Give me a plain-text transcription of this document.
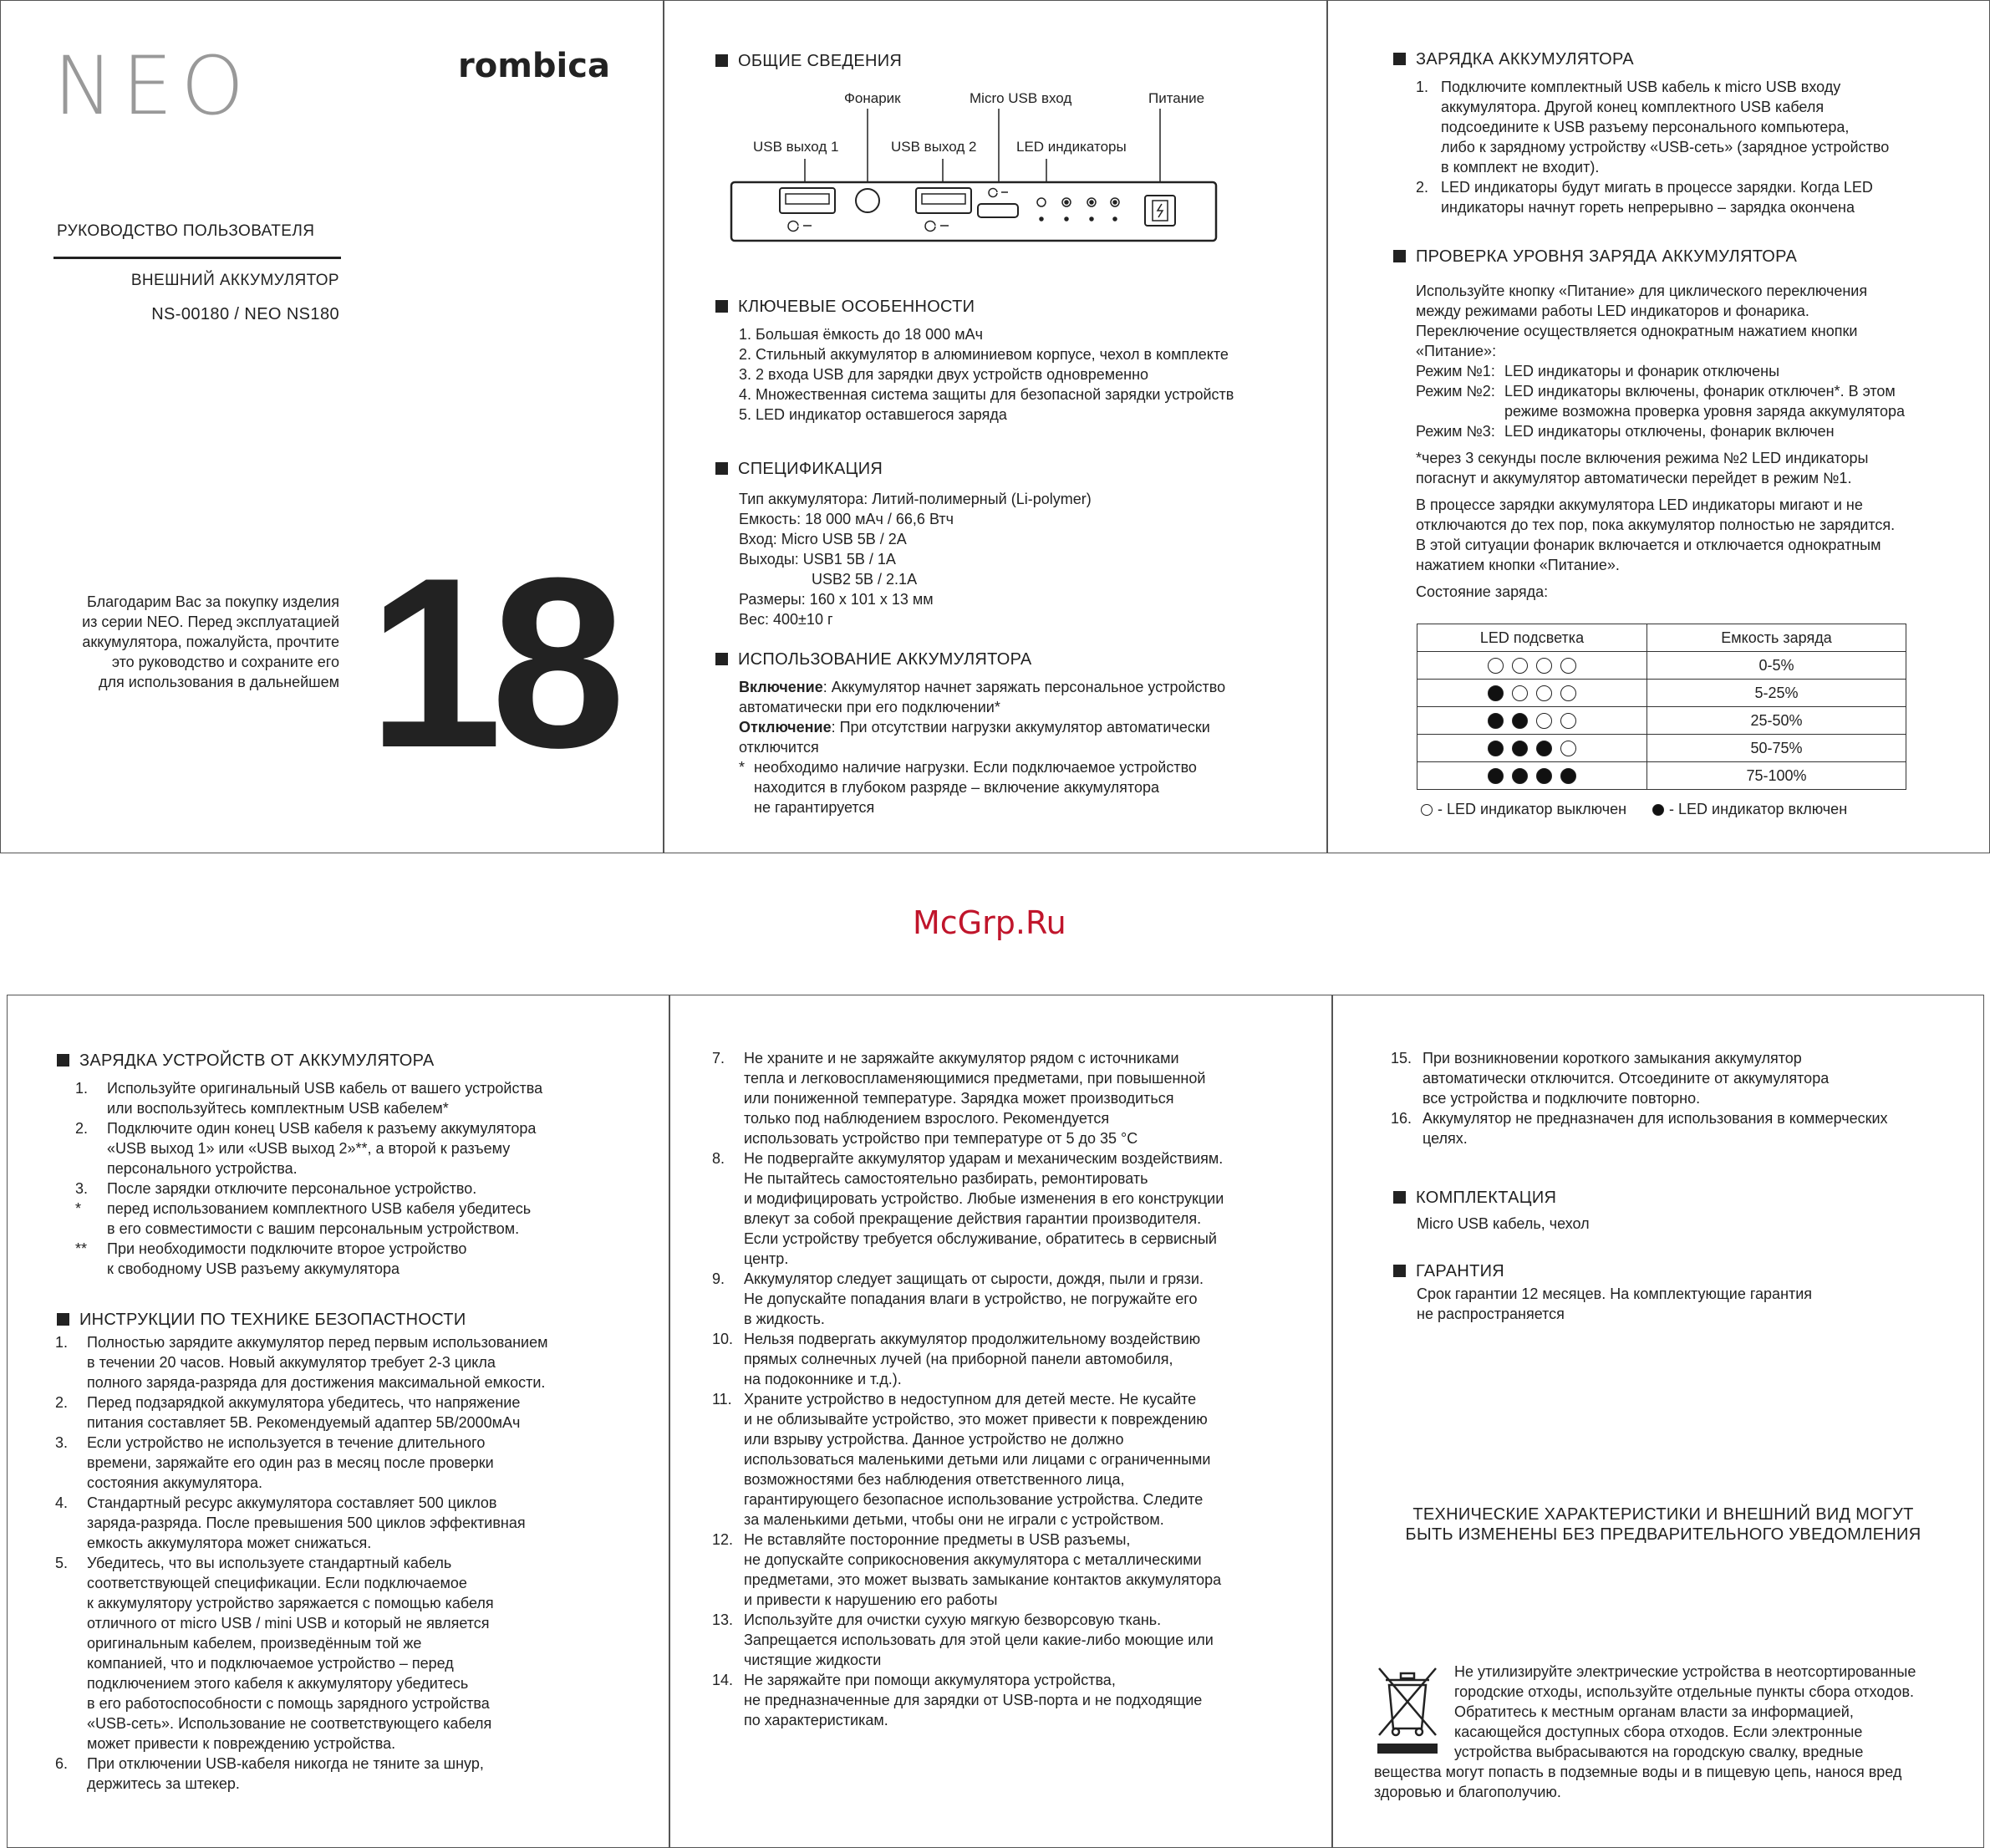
NEO	rombica
РУКОВОДСТВО ПОЛЬЗОВАТЕЛЯ
ВНЕШНИЙ АККУМУЛЯТОР
NS-00180 / NEO NS180
Благодарим Вас за покупку изделия
из серии NEO. Перед эксплуатацией
аккумулятора, пожалуйста, прочтите
это руководство и сохраните его
для использования в дальнейшем 18
ОБЩИЕ СВЕДЕНИЯ
Фонарик	Micro USB вход	Питание
USB выход 1	USB выход 2	LED индикаторы
КЛЮЧЕВЫЕ ОСОБЕННОСТИ
1. Большая ёмкость до 18 000 мАч
2. Стильный аккумулятор в алюминиевом корпусе, чехол в комплекте
3. 2 входа USB для зарядки двух устройств одновременно
4. Множественная система защиты для безопасной зарядки устройств
5. LED индикатор оставшегося заряда
СПЕЦИФИКАЦИЯ
Тип аккумулятора: Литий-полимерный (Li-polymer)
Емкость: 18 000 мАч / 66,6 Втч
Вход: Micro USB 5В / 2А
Выходы: USB1 5В / 1А
USB2 5В / 2.1А
Размеры: 160 х 101 х 13 мм
Вес: 400±10 г
ИСПОЛЬЗОВАНИЕ АККУМУЛЯТОРА
Включение: Аккумулятор начнет заряжать персональное устройство
автоматически при его подключении*
Отключение: При отсутствии нагрузки аккумулятор автоматически
отключится
* необходимо наличие нагрузки. Если подключаемое устройство
находится в глубоком разряде – включение аккумулятора
не гарантируется
ЗАРЯДКА АККУМУЛЯТОРА
1. Подключите комплектный USB кабель к micro USB входу
аккумулятора. Другой конец комплектного USB кабеля
подсоедините к USB разъему персонального компьютера,
либо к зарядному устройству «USB-сеть» (зарядное устройство
в комплект не входит).
2. LED индикаторы будут мигать в процессе зарядки. Когда LED
индикаторы начнут гореть непрерывно – зарядка окончена
ПРОВЕРКА УРОВНЯ ЗАРЯДА АККУМУЛЯТОРА
Используйте кнопку «Питание» для циклического переключения
между режимами работы LED индикаторов и фонарика.
Переключение осуществляется однократным нажатием кнопки
«Питание»:
Режим №1: LED индикаторы и фонарик отключены
Режим №2: LED индикаторы включены, фонарик отключен*. В этом
режиме возможна проверка уровня заряда аккумулятора
Режим №3: LED индикаторы отключены, фонарик включен
*через 3 секунды после включения режима №2 LED индикаторы
погаснут и аккумулятор автоматически перейдет в режим №1.
В процессе зарядки аккумулятора LED индикаторы мигают и не
отключаются до тех пор, пока аккумулятор полностью не зарядится.
В этой ситуации фонарик включается и отключается однократным
нажатием кнопки «Питание».
Состояние заряда:
LED подсветка	Емкость заряда
	0-5%
	5-25%
	25-50%
	50-75%
	75-100%
- LED индикатор выключен	- LED индикатор включен
McGrp.Ru
ЗАРЯДКА УСТРОЙСТВ ОТ АККУМУЛЯТОРА
1. Используйте оригинальный USB кабель от вашего устройства
или воспользуйтесь комплектным USB кабелем*
2. Подключите один конец USB кабеля к разъему аккумулятора
«USB выход 1» или «USB выход 2»**, а второй к разъему
персонального устройства.
3. После зарядки отключите персональное устройство.
* перед использованием комплектного USB кабеля убедитесь
в его совместимости с вашим персональным устройством.
** При необходимости подключите второе устройство
к свободному USB разъему аккумулятора
ИНСТРУКЦИИ ПО ТЕХНИКЕ БЕЗОПАСТНОСТИ
1. Полностью зарядите аккумулятор перед первым использованием
в течении 20 часов. Новый аккумулятор требует 2-3 цикла
полного заряда-разряда для достижения максимальной емкости.
2. Перед подзарядкой аккумулятора убедитесь, что напряжение
питания составляет 5В. Рекомендуемый адаптер 5В/2000мАч
3. Если устройство не используется в течение длительного
времени, заряжайте его один раз в месяц после проверки
состояния аккумулятора.
4. Стандартный ресурс аккумулятора составляет 500 циклов
заряда-разряда. После превышения 500 циклов эффективная
емкость аккумулятора может снижаться.
5. Убедитесь, что вы используете стандартный кабель
соответствующей спецификации. Если подключаемое
к аккумулятору устройство заряжается с помощью кабеля
отличного от micro USB / mini USB и который не является
оригинальным кабелем, произведённым той же
компанией, что и подключаемое устройство – перед
подключением этого кабеля к аккумулятору убедитесь
в его работоспособности с помощь зарядного устройства
«USB-сеть». Использование не соответствующего кабеля
может привести к повреждению устройства.
6. При отключении USB-кабеля никогда не тяните за шнур,
держитесь за штекер.
7. Не храните и не заряжайте аккумулятор рядом с источниками
тепла и легковоспламеняющимися предметами, при повышенной
или пониженной температуре. Зарядка может производиться
только под наблюдением взрослого. Рекомендуется
использовать устройство при температуре от 5 до 35 °С
8. Не подвергайте аккумулятор ударам и механическим воздействиям.
Не пытайтесь самостоятельно разбирать, ремонтировать
и модифицировать устройство. Любые изменения в его конструкции
влекут за собой прекращение действия гарантии производителя.
Если устройству требуется обслуживание, обратитесь в сервисный
центр.
9. Аккумулятор следует защищать от сырости, дождя, пыли и грязи.
Не допускайте попадания влаги в устройство, не погружайте его
в жидкость.
10. Нельзя подвергать аккумулятор продолжительному воздействию
прямых солнечных лучей (на приборной панели автомобиля,
на подоконнике и т.д.).
11. Храните устройство в недоступном для детей месте. Не кусайте
и не облизывайте устройство, это может привести к повреждению
или взрыву устройства. Данное устройство не должно
использоваться маленькими детьми или лицами с ограниченными
возможностями без наблюдения ответственного лица,
гарантирующего безопасное использование устройства. Следите
за маленькими детьми, чтобы они не играли с устройством.
12. Не вставляйте посторонние предметы в USB разъемы,
не допускайте соприкосновения аккумулятора с металлическими
предметами, это может вызвать замыкание контактов аккумулятора
и привести к нарушению его работы
13. Используйте для очистки сухую мягкую безворсовую ткань.
Запрещается использовать для этой цели какие-либо моющие или
чистящие жидкости
14. Не заряжайте при помощи аккумулятора устройства,
не предназначенные для зарядки от USB-порта и не подходящие
по характеристикам.
15. При возникновении короткого замыкания аккумулятор
автоматически отключится. Отсоедините от аккумулятора
все устройства и подключите повторно.
16. Аккумулятор не предназначен для использования в коммерческих
целях.
КОМПЛЕКТАЦИЯ
Micro USB кабель, чехол
ГАРАНТИЯ
Срок гарантии 12 месяцев. На комплектующие гарантия
не распространяется
ТЕХНИЧЕСКИЕ ХАРАКТЕРИСТИКИ И ВНЕШНИЙ ВИД МОГУТ
БЫТЬ ИЗМЕНЕНЫ БЕЗ ПРЕДВАРИТЕЛЬНОГО УВЕДОМЛЕНИЯ
Не утилизируйте электрические устройства в неотсортированные
городские отходы, используйте отдельные пункты сбора отходов.
Обратитесь к местным органам власти за информацией,
касающейся доступных сбора отходов. Если электронные
устройства выбрасываются на городскую свалку, вредные
вещества могут попасть в подземные воды и в пищевую цепь, нанося вред
здоровью и благополучию.
